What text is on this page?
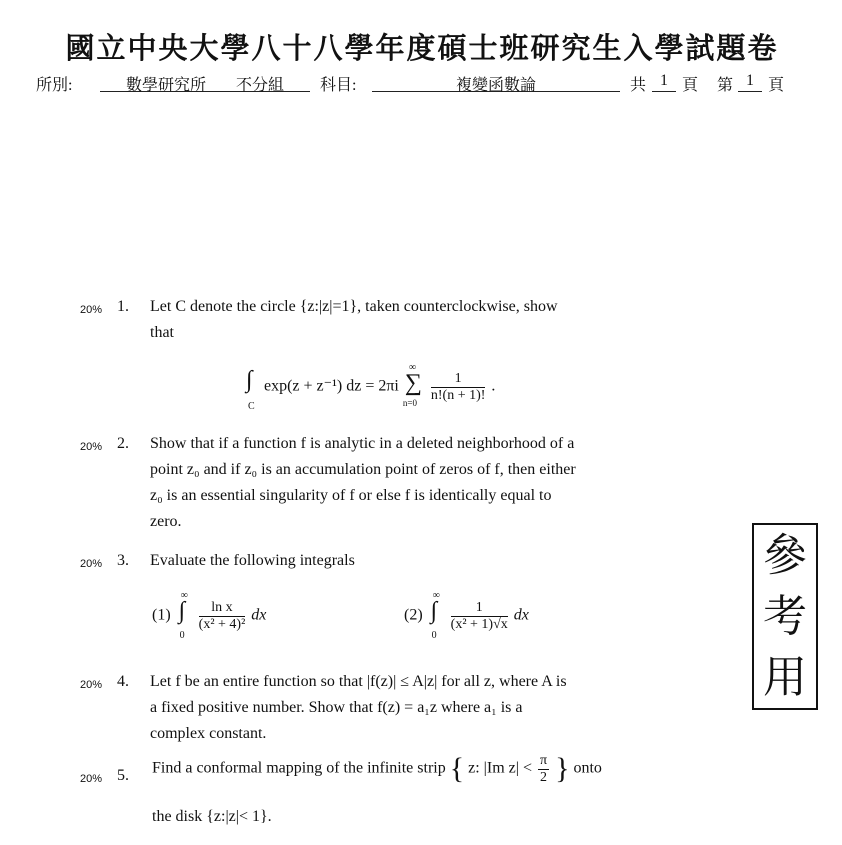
國立中央大學八十八學年度碩士班研究生入學試題卷
所別:	數學研究所 不分組	科目:	複變函數論	共 1 頁 第 1 頁
20% 1. Let C denote the circle {z:|z|=1}, taken counterclockwise, show
that
∫
C
exp(z + z⁻¹) dz = 2πi
∞
∑
n=0
$\frac{1}{n!(n + 1)!}$ .
20% 2. Show that if a function f is analytic in a deleted neighborhood of a
point z₀ and if z₀ is an accumulation point of zeros of f, then either
z₀ is an essential singularity of f or else f is identically equal to
zero.
20% 3. Evaluate the following integrals
(1)
∞
∫
0

$\frac{\text{ln x}}{\text{(x² + 4)²}}$ dx	(2)
∞
∫
0

$\frac{1}{\text{(x² + 1)√x}}$ dx
20% 4. Let f be an entire function so that |f(z)| ≤ A|z| for all z, where A is
a fixed positive number. Show that f(z) = a₁z where a₁ is a
complex constant.
20% 5. Find a conformal mapping of the infinite strip { z: |Im $z| < \frac{\pi}{2}$ } onto
the disk {z:|z|< 1}.
參
考
用
